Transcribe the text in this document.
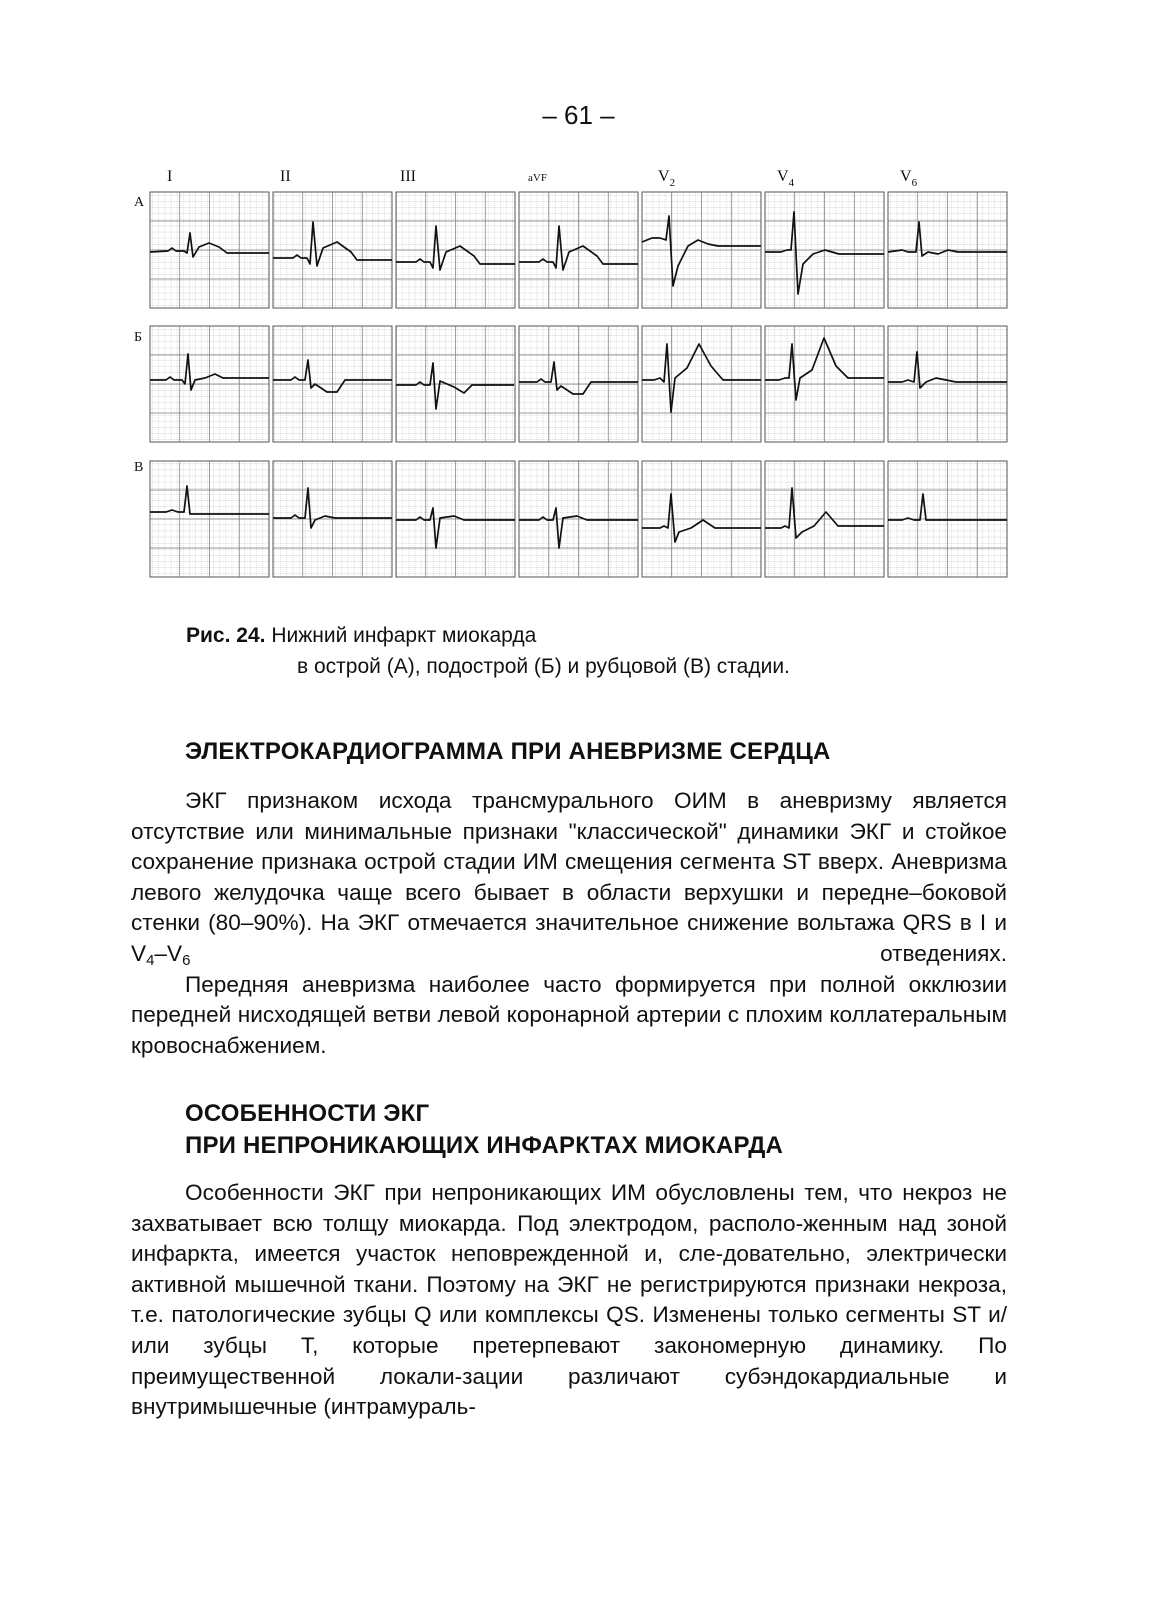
– 61 –
I	II	III	aVF	$V_2$	$V_4$	$V_6$
А
Б
В
Рис. 24. Нижний инфаркт миокарда
в острой (А), подострой (Б) и рубцовой (В) стадии.
ЭЛЕКТРОКАРДИОГРАММА ПРИ АНЕВРИЗМЕ СЕРДЦА

ЭКГ признаком исхода трансмурального ОИМ в аневризму является отсутствие или минимальные признаки "классической" динамики ЭКГ и стойкое сохранение признака острой стадии ИМ смещения сегмента ST вверх. Аневризма левого желудочка чаще всего бывает в области верхушки и передне–боковой стенки (80–90%). На ЭКГ отмечается значительное снижение вольтажа QRS в I и $V_4-V_6$	отведениях.

Передняя аневризма наиболее часто формируется при полной окклюзии передней нисходящей ветви левой коронарной артерии с плохим коллатеральным кровоснабжением.

ОСОБЕННОСТИ ЭКГ
ПРИ НЕПРОНИКАЮЩИХ ИНФАРКТАХ МИОКАРДА

Особенности ЭКГ при непроникающих ИМ обусловлены тем, что некроз не захватывает всю толщу миокарда. Под электродом, располо-женным над зоной инфаркта, имеется участок неповрежденной и, сле-довательно, электрически активной мышечной ткани. Поэтому на ЭКГ не регистрируются признаки некроза, т.е. патологические зубцы Q или комплексы QS. Изменены только сегменты ST и/или зубцы T, которые претерпевают закономерную динамику. По преимущественной локали-зации различают субэндокардиальные и внутримышечные (интрамураль-
